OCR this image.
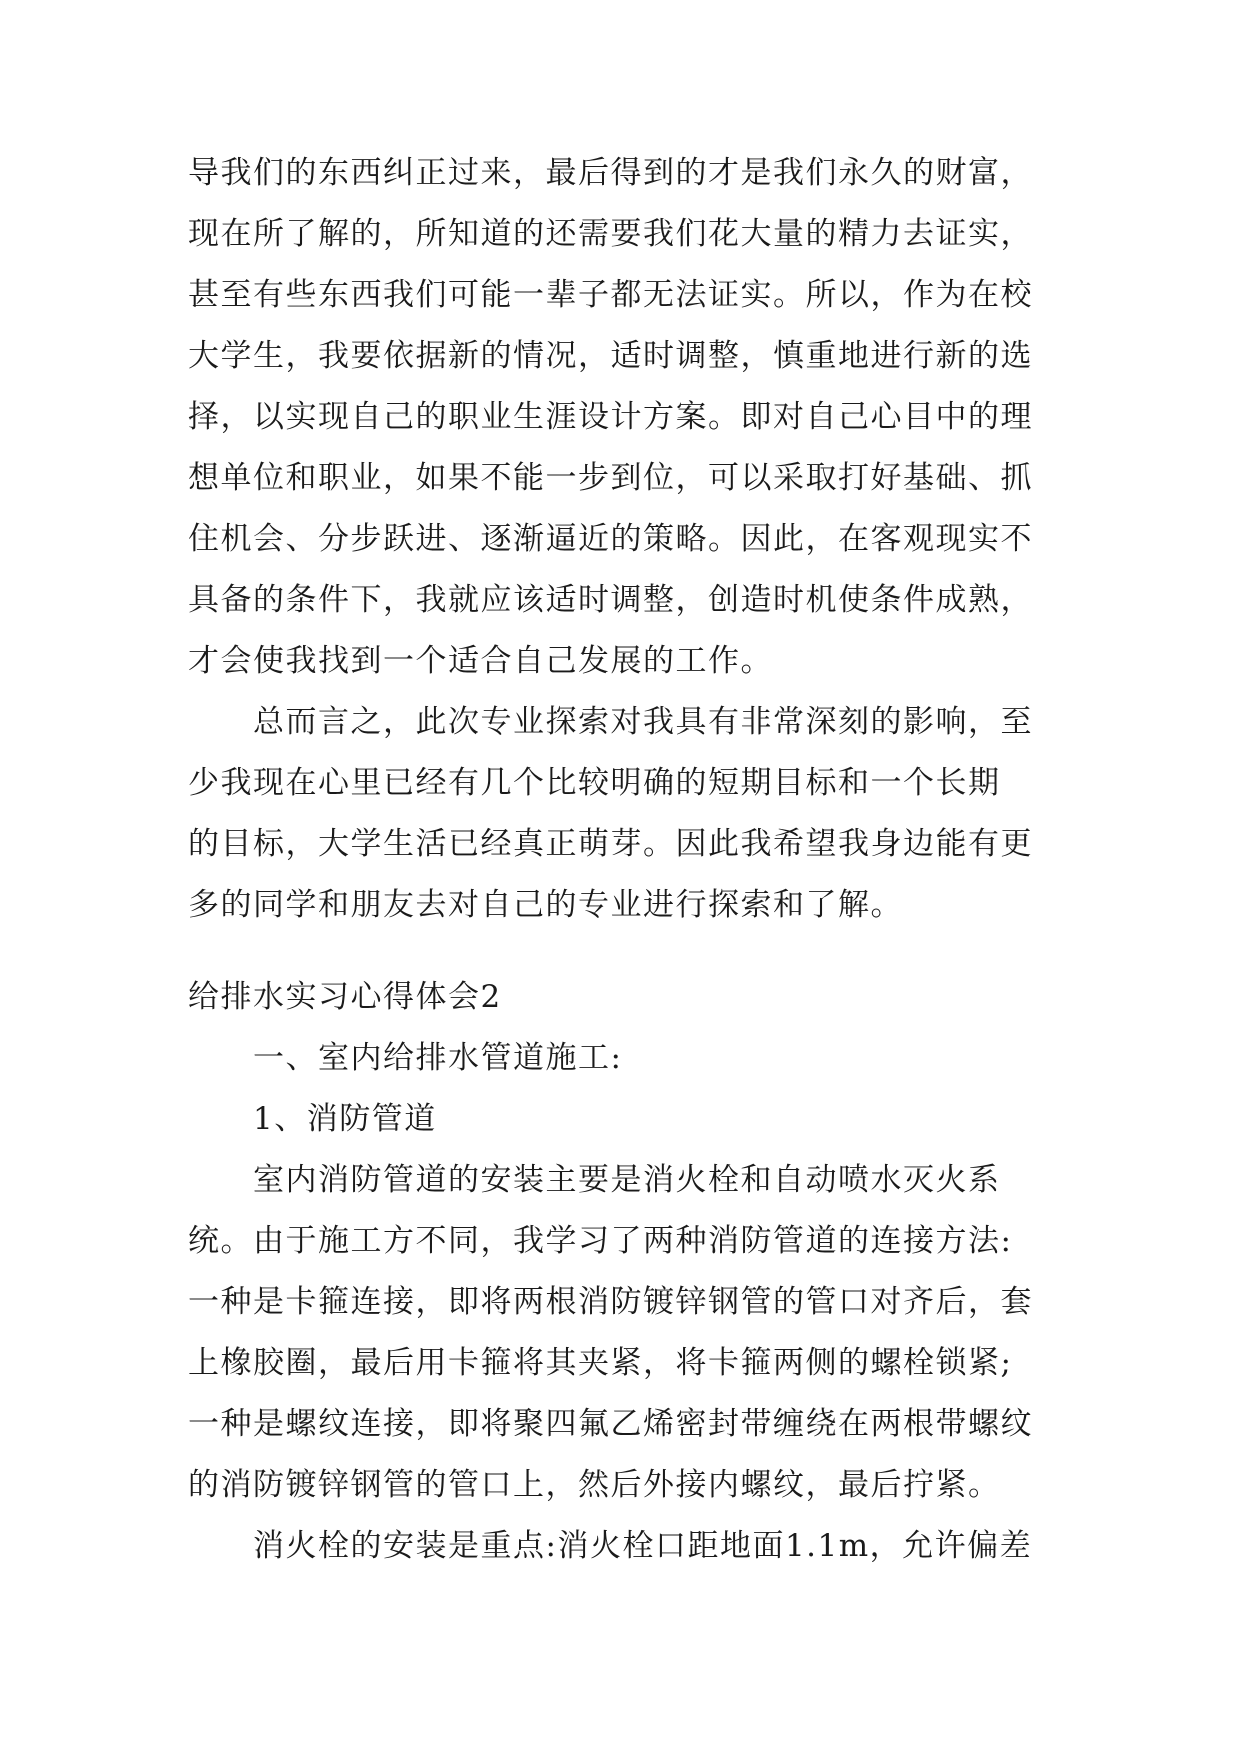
导我们的东西纠正过来，最后得到的才是我们永久的财富，
现在所了解的，所知道的还需要我们花大量的精力去证实，
甚至有些东西我们可能一辈子都无法证实。所以，作为在校
大学生，我要依据新的情况，适时调整，慎重地进行新的选
择，以实现自己的职业生涯设计方案。即对自己心目中的理
想单位和职业，如果不能一步到位，可以采取打好基础、抓
住机会、分步跃进、逐渐逼近的策略。因此，在客观现实不
具备的条件下，我就应该适时调整，创造时机使条件成熟，
才会使我找到一个适合自己发展的工作。
　　总而言之，此次专业探索对我具有非常深刻的影响，至
少我现在心里已经有几个比较明确的短期目标和一个长期
的目标，大学生活已经真正萌芽。因此我希望我身边能有更
多的同学和朋友去对自己的专业进行探索和了解。
给排水实习心得体会2
　　一、室内给排水管道施工:
　　1、消防管道
　　室内消防管道的安装主要是消火栓和自动喷水灭火系
统。由于施工方不同，我学习了两种消防管道的连接方法:
一种是卡箍连接，即将两根消防镀锌钢管的管口对齐后，套
上橡胶圈，最后用卡箍将其夹紧，将卡箍两侧的螺栓锁紧;
一种是螺纹连接，即将聚四氟乙烯密封带缠绕在两根带螺纹
的消防镀锌钢管的管口上，然后外接内螺纹，最后拧紧。
　　消火栓的安装是重点:消火栓口距地面1.1m，允许偏差
